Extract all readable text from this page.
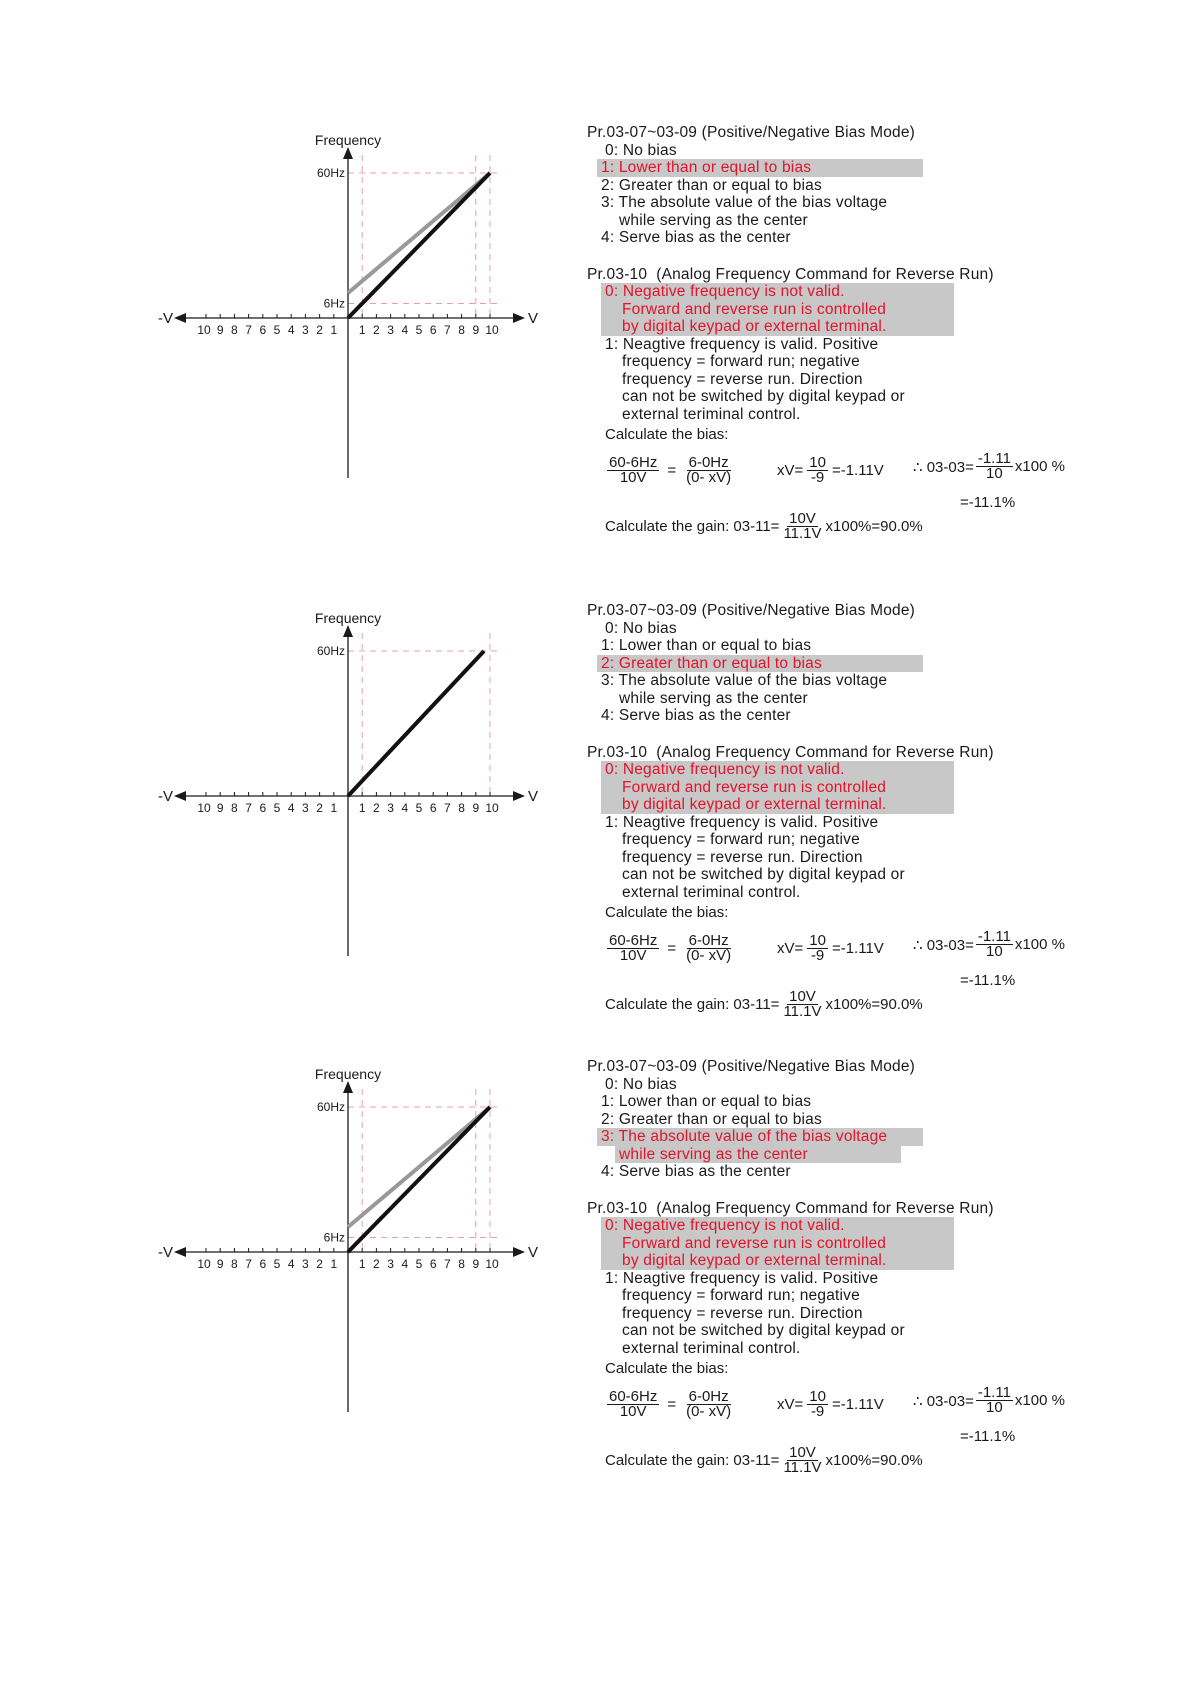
1 2 3 4 5 6 7 8 9 10
10 9 8 7 6 5 4 3 2 1
60Hz
6Hz
Frequency
V
-V
Pr.03-07~03-09 (Positive/Negative Bias Mode)
0: No bias
1: Lower than or equal to bias
2: Greater than or equal to bias
3: The absolute value of the bias voltage
while serving as the center
4: Serve bias as the center
Pr.03-10  (Analog Frequency Command for Reverse Run)
0: Negative frequency is not valid.
Forward and reverse run is controlled
by digital keypad or external terminal.
1: Neagtive frequency is valid. Positive
frequency = forward run; negative
frequency = reverse run. Direction
can not be switched by digital keypad or
external teriminal control.
Calculate the bias:
$\frac{60-6Hz}{10V} = \frac{6-0Hz}{(0- xV)}$	$xV= \frac{10}{-9} =-1.11V$ ∴ $03-03= \frac{-1.11}{10} x100$ %
=-11.1%
Calculate the gain: $03-11= \frac{10V}{11.1V} x100\%=90.0\%$
1 2 3 4 5 6 7 8 9 10
10 9 8 7 6 5 4 3 2 1
60Hz
Frequency
V
-V
Pr.03-07~03-09 (Positive/Negative Bias Mode)
0: No bias
1: Lower than or equal to bias
2: Greater than or equal to bias
3: The absolute value of the bias voltage
while serving as the center
4: Serve bias as the center
Pr.03-10  (Analog Frequency Command for Reverse Run)
0: Negative frequency is not valid.
Forward and reverse run is controlled
by digital keypad or external terminal.
1: Neagtive frequency is valid. Positive
frequency = forward run; negative
frequency = reverse run. Direction
can not be switched by digital keypad or
external teriminal control.
Calculate the bias:
$\frac{60-6Hz}{10V} = \frac{6-0Hz}{(0- xV)}$	$xV= \frac{10}{-9} =-1.11V$ ∴ $03-03= \frac{-1.11}{10} x100$ %
=-11.1%
Calculate the gain: $03-11= \frac{10V}{11.1V} x100\%=90.0\%$
1 2 3 4 5 6 7 8 9 10
10 9 8 7 6 5 4 3 2 1
60Hz
6Hz
Frequency
V
-V
Pr.03-07~03-09 (Positive/Negative Bias Mode)
0: No bias
1: Lower than or equal to bias
2: Greater than or equal to bias
3: The absolute value of the bias voltage
while serving as the center
4: Serve bias as the center
Pr.03-10  (Analog Frequency Command for Reverse Run)
0: Negative frequency is not valid.
Forward and reverse run is controlled
by digital keypad or external terminal.
1: Neagtive frequency is valid. Positive
frequency = forward run; negative
frequency = reverse run. Direction
can not be switched by digital keypad or
external teriminal control.
Calculate the bias:
$\frac{60-6Hz}{10V} = \frac{6-0Hz}{(0- xV)}$	$xV= \frac{10}{-9} =-1.11V$ ∴ $03-03= \frac{-1.11}{10} x100$ %
=-11.1%
Calculate the gain: $03-11= \frac{10V}{11.1V} x100\%=90.0\%$
